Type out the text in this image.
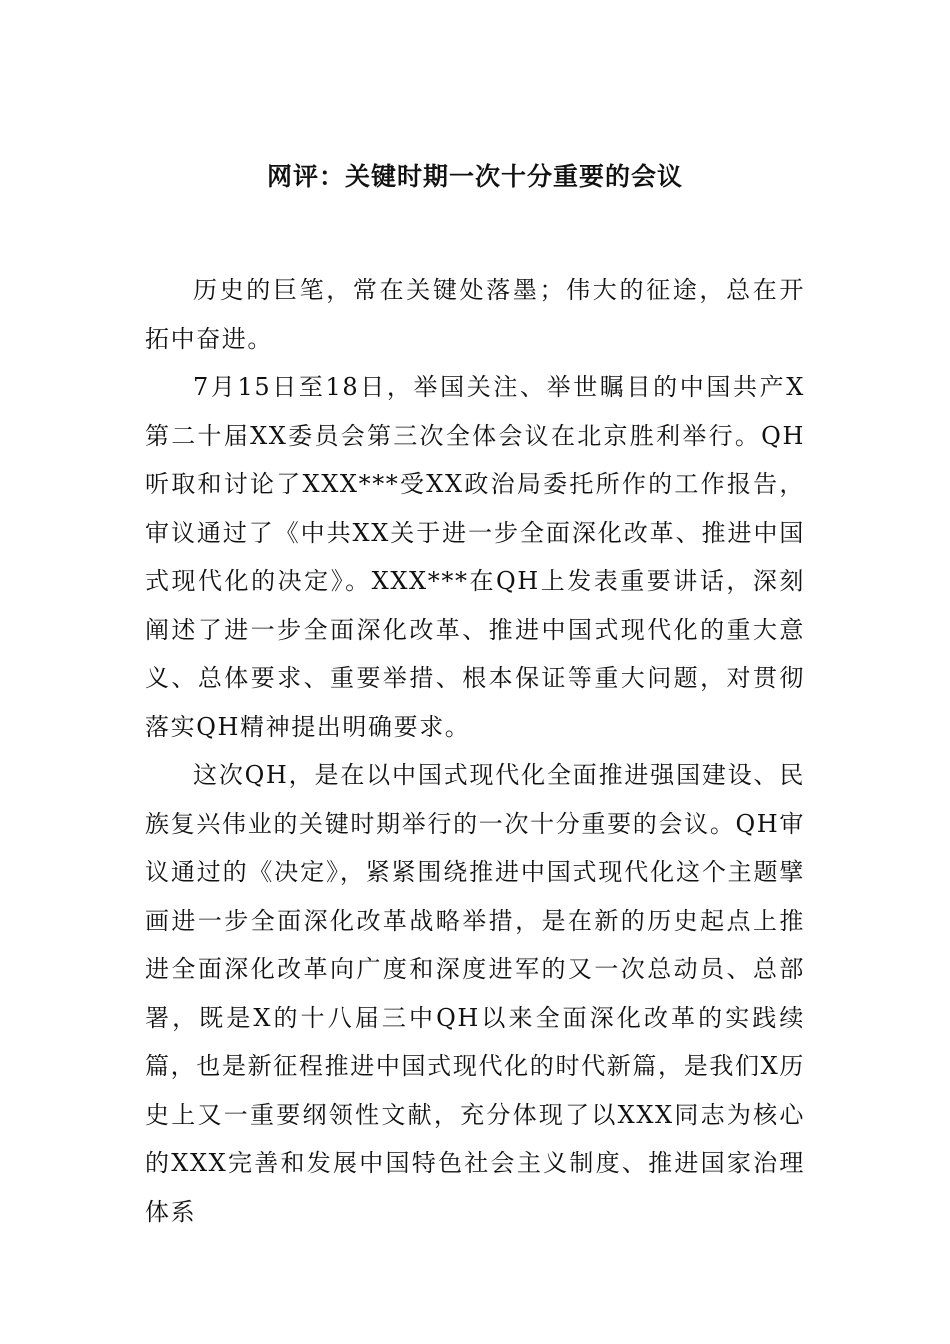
网评：关键时期一次十分重要的会议

历史的巨笔，常在关键处落墨；伟大的征途，总在开拓中奋进。

7月15日至18日，举国关注、举世瞩目的中国共产X第二十届XX委员会第三次全体会议在北京胜利举行。QH听取和讨论了XXX***受XX政治局委托所作的工作报告，审议通过了《中共XX关于进一步全面深化改革、推进中国式现代化的决定》。XXX***在QH上发表重要讲话，深刻阐述了进一步全面深化改革、推进中国式现代化的重大意义、总体要求、重要举措、根本保证等重大问题，对贯彻落实QH精神提出明确要求。

这次QH，是在以中国式现代化全面推进强国建设、民族复兴伟业的关键时期举行的一次十分重要的会议。QH审议通过的《决定》，紧紧围绕推进中国式现代化这个主题擘画进一步全面深化改革战略举措，是在新的历史起点上推进全面深化改革向广度和深度进军的又一次总动员、总部署，既是X的十八届三中QH以来全面深化改革的实践续篇，也是新征程推进中国式现代化的时代新篇，是我们X历史上又一重要纲领性文献，充分体现了以XXX同志为核心的XXX完善和发展中国特色社会主义制度、推进国家治理体系
